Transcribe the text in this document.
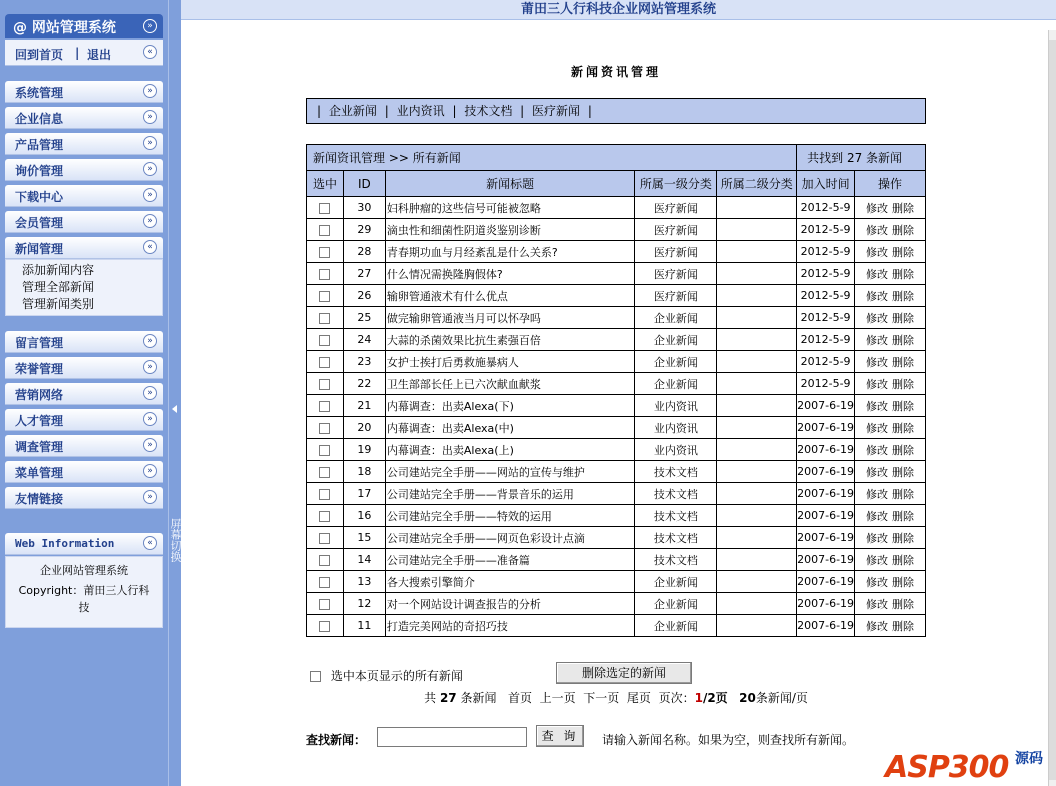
@ 网站管理系统	»
回到首页 | 退出	«
系统管理	»
企业信息	»
产品管理	»
询价管理	»
下载中心	»
会员管理	»
新闻管理	«
添加新闻内容
管理全部新闻
管理新闻类别
留言管理	»
荣誉管理	»
营销网络	»
人才管理	»
调查管理	»
菜单管理	»
友情链接	»
Web Information	«
企业网站管理系统
Copyright：莆田三人行科
技
屏幕切换
莆田三人行科技企业网站管理系统
新闻资讯管理
| 企业新闻 | 业内资讯 | 技术文档 | 医疗新闻 |
新闻资讯管理 >> 所有新闻					共找到 27 条新闻	
选中	ID	新闻标题	所属一级分类	所属二级分类	加入时间	操作
	30	妇科肿瘤的这些信号可能被忽略	医疗新闻		2012-5-9	修改 删除
	29	滴虫性和细菌性阴道炎鉴别诊断	医疗新闻		2012-5-9	修改 删除
	28	青春期功血与月经紊乱是什么关系?	医疗新闻		2012-5-9	修改 删除
	27	什么情况需换隆胸假体?	医疗新闻		2012-5-9	修改 删除
	26	输卵管通液术有什么优点	医疗新闻		2012-5-9	修改 删除
	25	做完输卵管通液当月可以怀孕吗	企业新闻		2012-5-9	修改 删除
	24	大蒜的杀菌效果比抗生素强百倍	企业新闻		2012-5-9	修改 删除
	23	女护士挨打后勇救施暴病人	企业新闻		2012-5-9	修改 删除
	22	卫生部部长任上已六次献血献浆	企业新闻		2012-5-9	修改 删除
	21	内幕调查：出卖Alexa(下)	业内资讯		2007-6-19	修改 删除
	20	内幕调查：出卖Alexa(中)	业内资讯		2007-6-19	修改 删除
	19	内幕调查：出卖Alexa(上)	业内资讯		2007-6-19	修改 删除
	18	公司建站完全手册——网站的宣传与维护	技术文档		2007-6-19	修改 删除
	17	公司建站完全手册——背景音乐的运用	技术文档		2007-6-19	修改 删除
	16	公司建站完全手册——特效的运用	技术文档		2007-6-19	修改 删除
	15	公司建站完全手册——网页色彩设计点滴	技术文档		2007-6-19	修改 删除
	14	公司建站完全手册——准备篇	技术文档		2007-6-19	修改 删除
	13	各大搜索引擎简介	企业新闻		2007-6-19	修改 删除
	12	对一个网站设计调查报告的分析	企业新闻		2007-6-19	修改 删除
	11	打造完美网站的奇招巧技	企业新闻		2007-6-19	修改 删除
选中本页显示的所有新闻	删除选定的新闻
共 27 条新闻 首页 上一页 下一页 尾页 页次：1/2页 20条新闻/页
查找新闻：	查 询	请输入新闻名称。如果为空，则查找所有新闻。
ASP300 源码
